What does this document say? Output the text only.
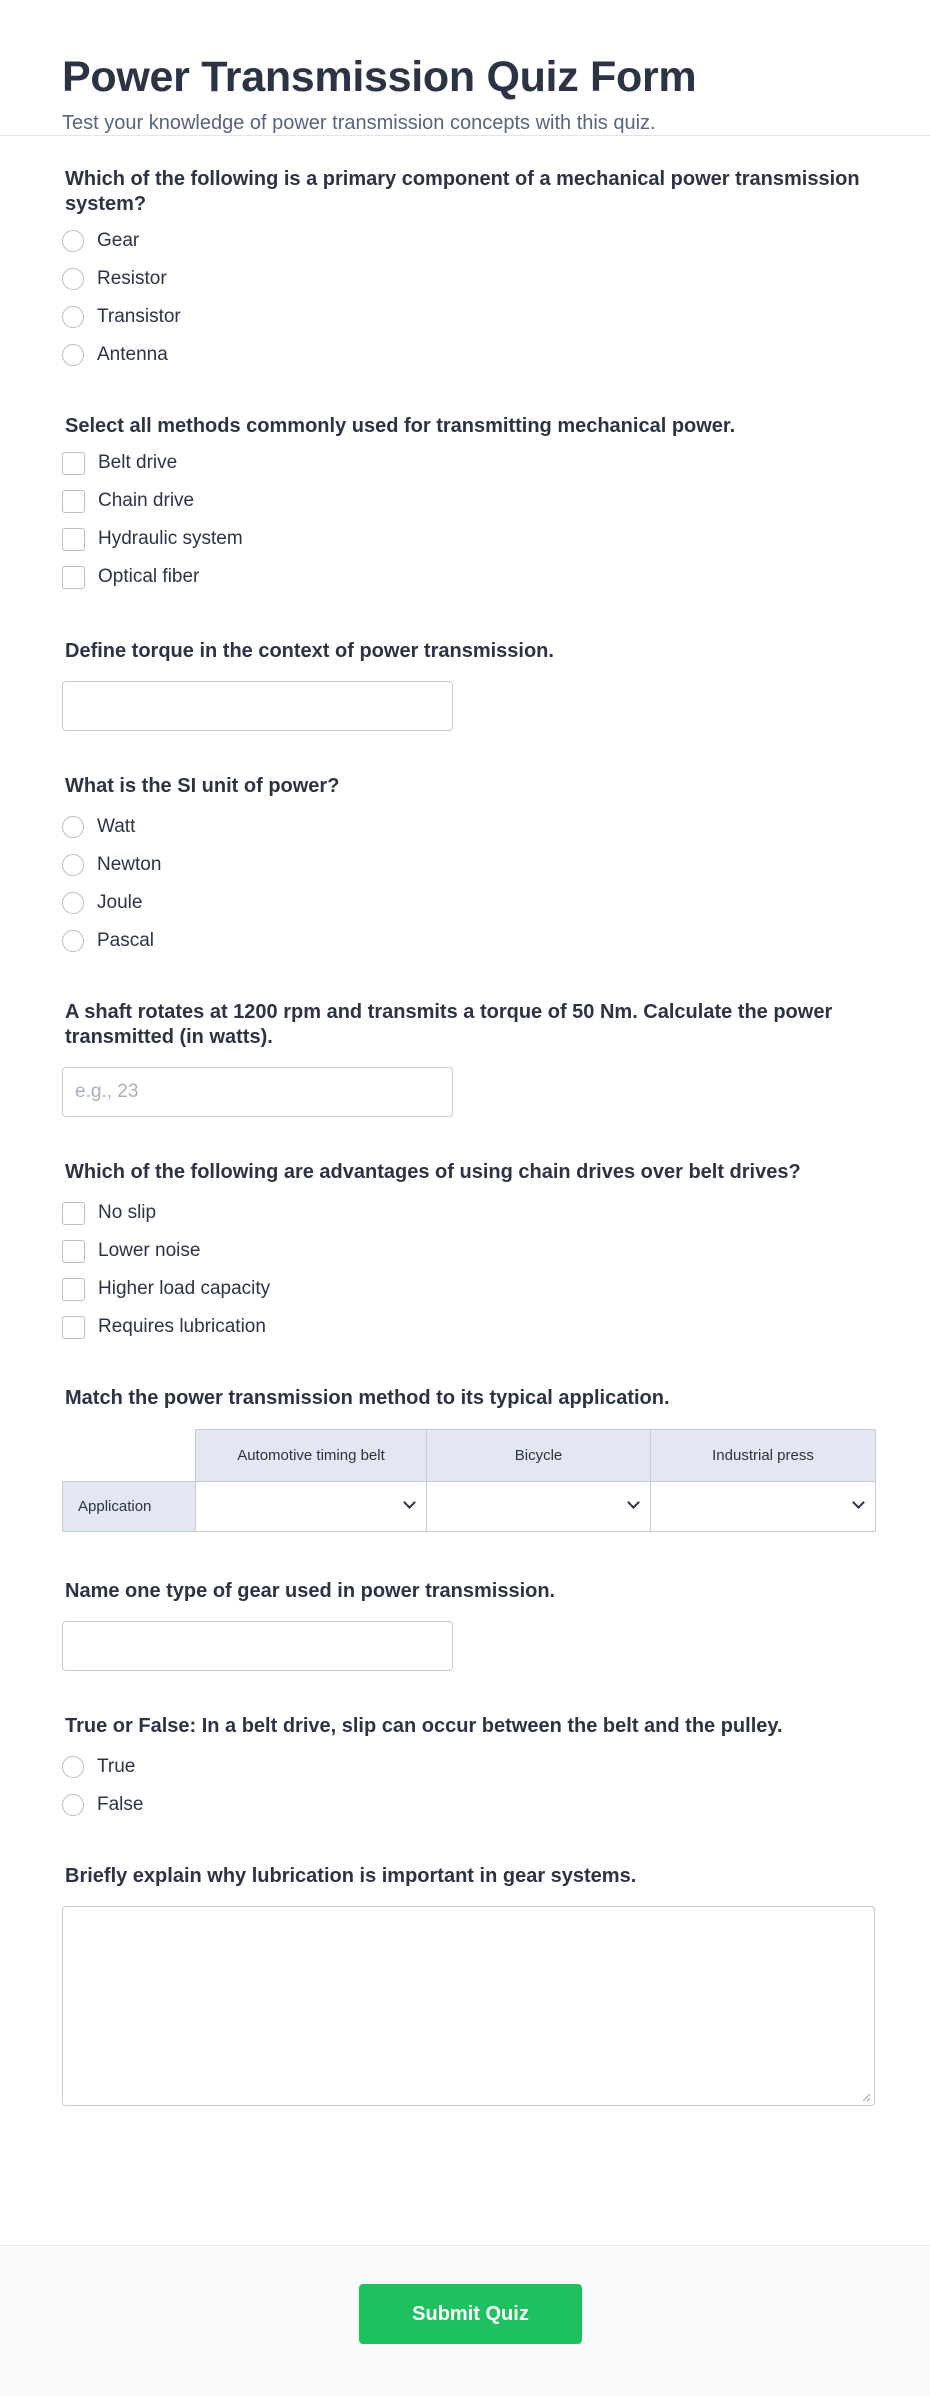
Power Transmission Quiz Form
Test your knowledge of power transmission concepts with this quiz.
Which of the following is a primary component of a mechanical power transmission system?
Gear
Resistor
Transistor
Antenna
Select all methods commonly used for transmitting mechanical power.
Belt drive
Chain drive
Hydraulic system
Optical fiber
Define torque in the context of power transmission.
What is the SI unit of power?
Watt
Newton
Joule
Pascal
A shaft rotates at 1200 rpm and transmits a torque of 50 Nm. Calculate the power transmitted (in watts).
e.g., 23
Which of the following are advantages of using chain drives over belt drives?
No slip
Lower noise
Higher load capacity
Requires lubrication
Match the power transmission method to its typical application.
	Automotive timing belt	Bicycle	Industrial press
Application	

Name one type of gear used in power transmission.
True or False: In a belt drive, slip can occur between the belt and the pulley.
True
False
Briefly explain why lubrication is important in gear systems.
Submit Quiz
